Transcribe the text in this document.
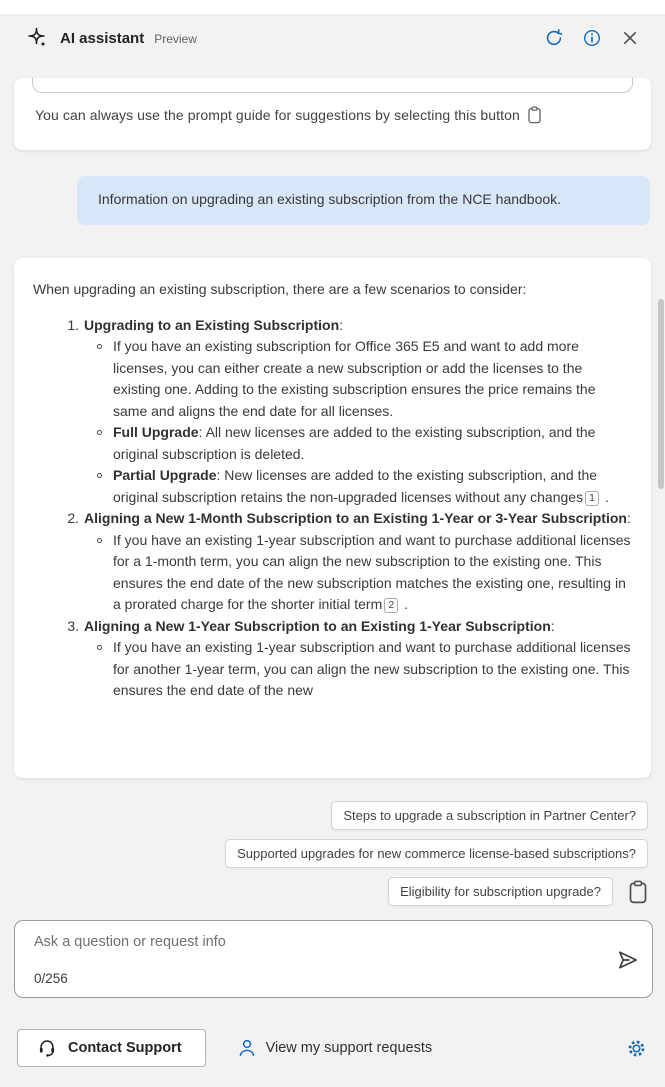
AI assistant Preview
You can always use the prompt guide for suggestions by selecting this button

Information on upgrading an existing subscription from the NCE handbook.

When upgrading an existing subscription, there are a few scenarios to consider:

1. Upgrading to an Existing Subscription:
If you have an existing subscription for Office 365 E5 and want to add more licenses, you can either create a new subscription or add the licenses to the existing one. Adding to the existing subscription ensures the price remains the same and aligns the end date for all licenses.
Full Upgrade: All new licenses are added to the existing subscription, and the original subscription is deleted.
Partial Upgrade: New licenses are added to the existing subscription, and the original subscription retains the non-upgraded licenses without any changes 1 .
2. Aligning a New 1-Month Subscription to an Existing 1-Year or 3-Year Subscription:
If you have an existing 1-year subscription and want to purchase additional licenses for a 1-month term, you can align the new subscription to the existing one. This ensures the end date of the new subscription matches the existing one, resulting in a prorated charge for the shorter initial term 2 .
3. Aligning a New 1-Year Subscription to an Existing 1-Year Subscription:
If you have an existing 1-year subscription and want to purchase additional licenses for another 1-year term, you can align the new subscription to the existing one. This ensures the end date of the new
Steps to upgrade a subscription in Partner Center?
Supported upgrades for new commerce license-based subscriptions?
Eligibility for subscription upgrade?
Ask a question or request info
0/256
Contact Support	View my support requests
